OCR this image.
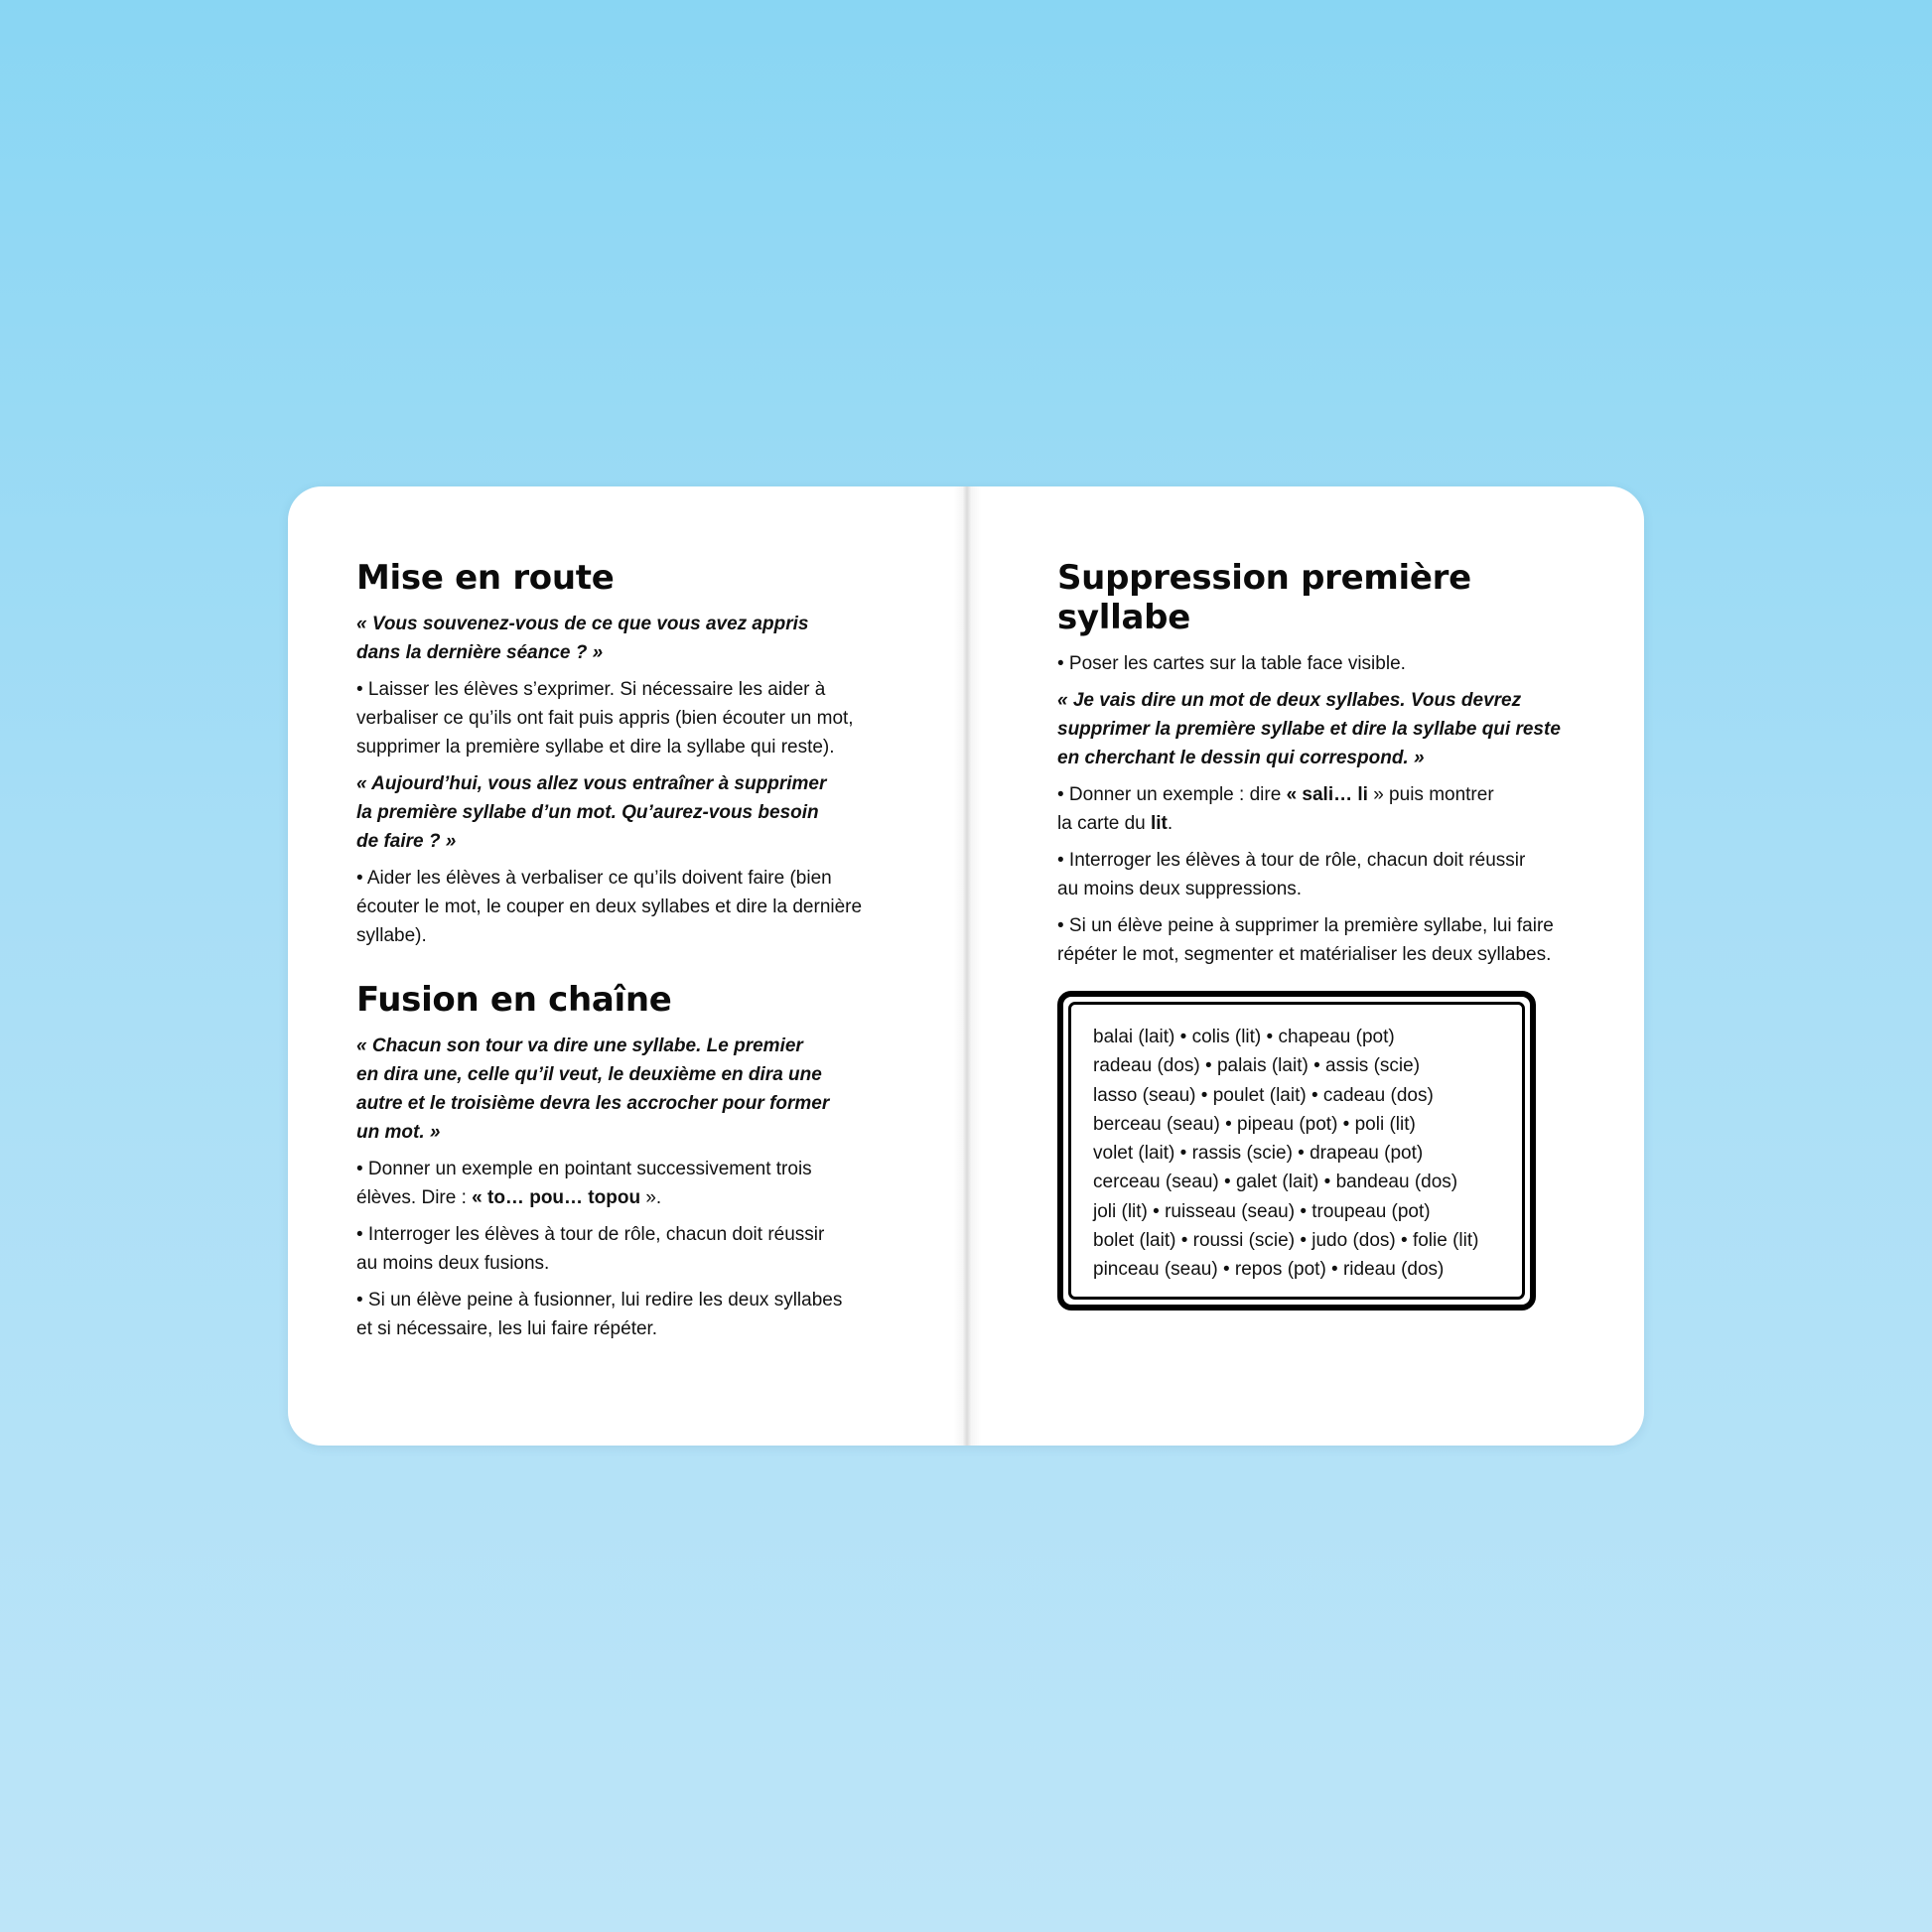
Mise en route

« Vous souvenez-vous de ce que vous avez appris
dans la dernière séance ? »

• Laisser les élèves s’exprimer. Si nécessaire les aider à verbaliser ce qu’ils ont fait puis appris (bien écouter un mot, supprimer la première syllabe et dire la syllabe qui reste).

« Aujourd’hui, vous allez vous entraîner à supprimer
la première syllabe d’un mot. Qu’aurez-vous besoin
de faire ? »

• Aider les élèves à verbaliser ce qu’ils doivent faire (bien écouter le mot, le couper en deux syllabes et dire la dernière syllabe).

Fusion en chaîne

« Chacun son tour va dire une syllabe. Le premier
en dira une, celle qu’il veut, le deuxième en dira une
autre et le troisième devra les accrocher pour former
un mot. »

• Donner un exemple en pointant successivement trois
élèves. Dire : « to… pou… topou ».

• Interroger les élèves à tour de rôle, chacun doit réussir
au moins deux fusions.

• Si un élève peine à fusionner, lui redire les deux syllabes
et si nécessaire, les lui faire répéter.

Suppression première syllabe

• Poser les cartes sur la table face visible.

« Je vais dire un mot de deux syllabes. Vous devrez
supprimer la première syllabe et dire la syllabe qui reste
en cherchant le dessin qui correspond. »

• Donner un exemple : dire « sali… li » puis montrer
la carte du lit.

• Interroger les élèves à tour de rôle, chacun doit réussir
au moins deux suppressions.

• Si un élève peine à supprimer la première syllabe, lui faire
répéter le mot, segmenter et matérialiser les deux syllabes.

balai (lait) • colis (lit) • chapeau (pot)
radeau (dos) • palais (lait) • assis (scie)
lasso (seau) • poulet (lait) • cadeau (dos)
berceau (seau) • pipeau (pot) • poli (lit)
volet (lait) • rassis (scie) • drapeau (pot)
cerceau (seau) • galet (lait) • bandeau (dos)
joli (lit) • ruisseau (seau) • troupeau (pot)
bolet (lait) • roussi (scie) • judo (dos) • folie (lit)
pinceau (seau) • repos (pot) • rideau (dos)
